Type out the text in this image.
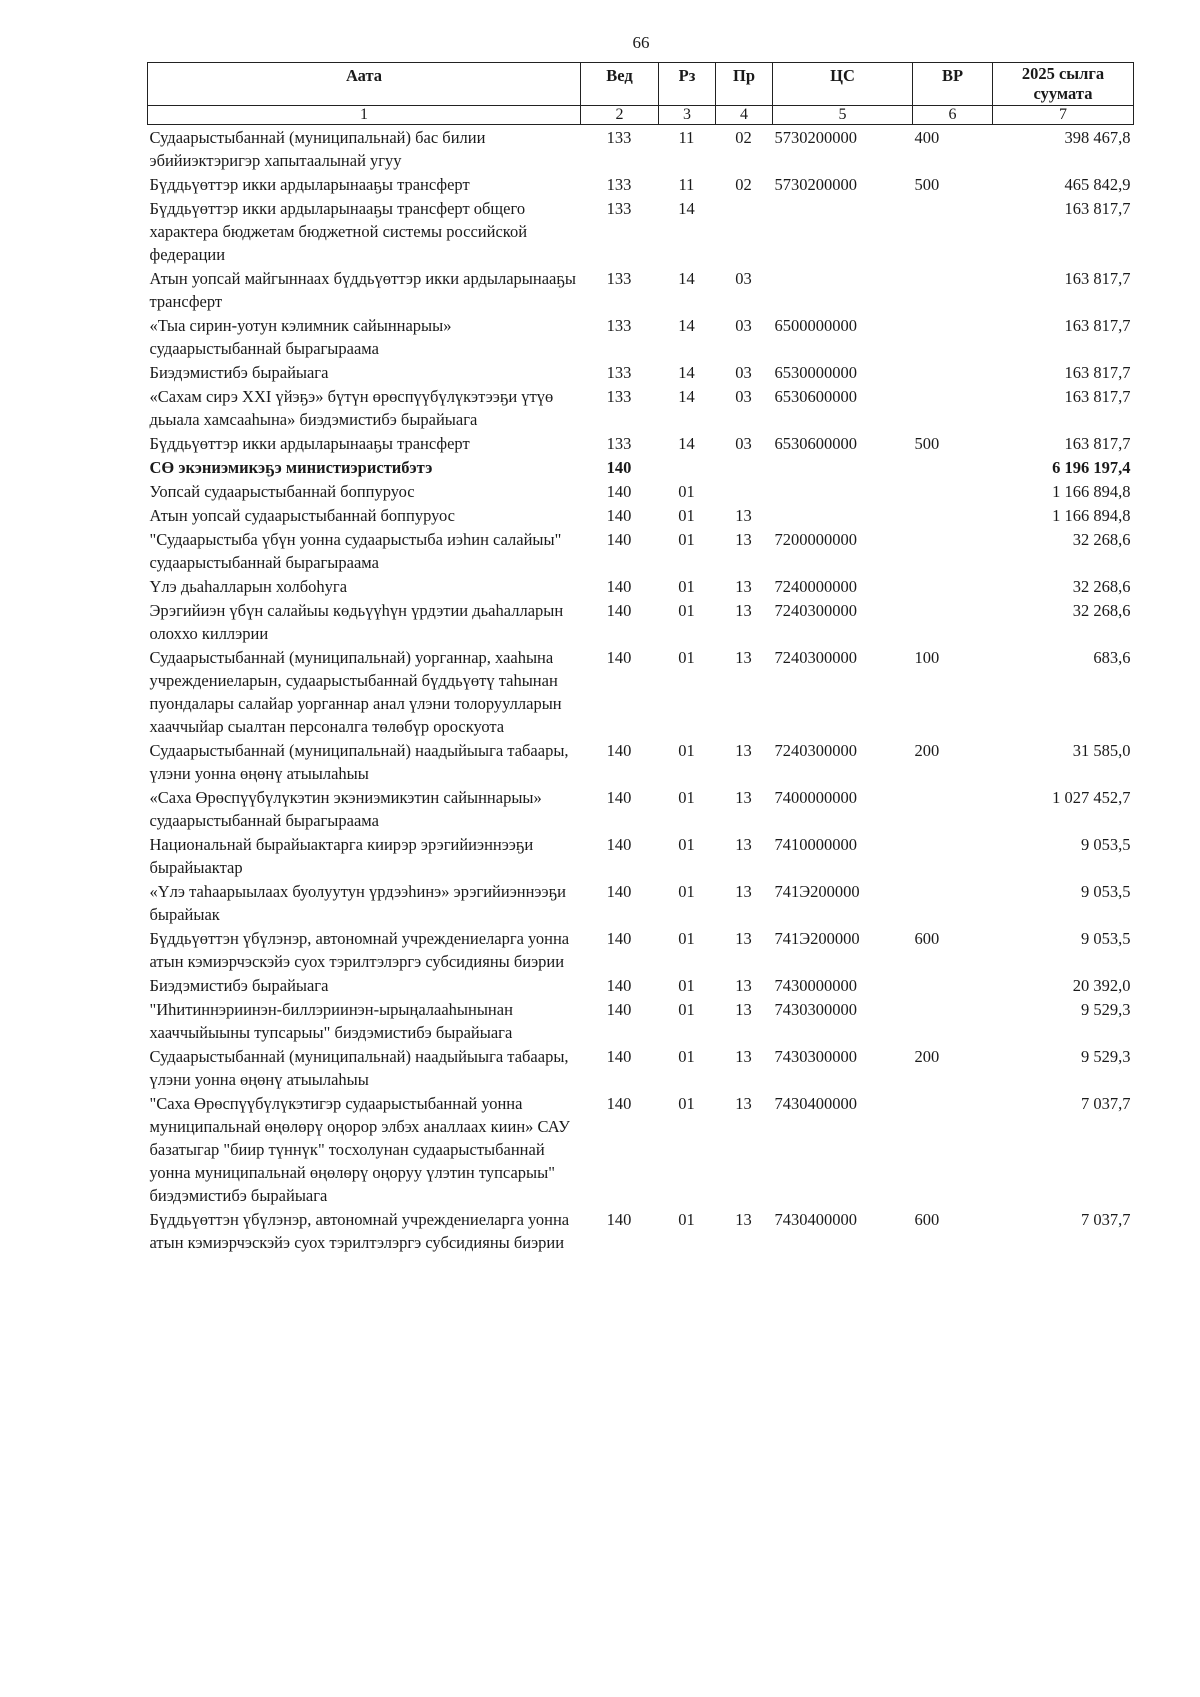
66
Аата	Вед	Рз	Пр	ЦС	ВР	2025 сылга суумата
1	2	3	4	5	6	7
Судаарыстыбаннай (муниципальнай) бас билии эбийиэктэригэр хапытаалынай угуу	133	11	02	5730200000	400	398 467,8
Бүддьүөттэр икки ардыларынааҕы трансферт	133	11	02	5730200000	500	465 842,9
Бүддьүөттэр икки ардыларынааҕы трансферт общего характера бюджетам бюджетной системы российской федерации	133	14				163 817,7
Атын уопсай майгыннаах бүддьүөттэр икки ардыларынааҕы трансферт	133	14	03			163 817,7
«Тыа сирин-уотун кэлимник сайыннарыы» судаарыстыбаннай бырагыраама	133	14	03	6500000000		163 817,7
Биэдэмистибэ бырайыага	133	14	03	6530000000		163 817,7
«Сахам сирэ XXI үйэҕэ» бүтүн өрөспүүбүлүкэтээҕи үтүө дьыала хамсааһына» биэдэмистибэ бырайыага	133	14	03	6530600000		163 817,7
Бүддьүөттэр икки ардыларынааҕы трансферт	133	14	03	6530600000	500	163 817,7
СӨ экэниэмикэҕэ министиэристибэтэ	140					6 196 197,4
Уопсай судаарыстыбаннай боппуруос	140	01				1 166 894,8
Атын уопсай судаарыстыбаннай боппуруос	140	01	13			1 166 894,8
"Судаарыстыба үбүн уонна судаарыстыба иэһин салайыы" судаарыстыбаннай бырагыраама	140	01	13	7200000000		32 268,6
Үлэ дьаһалларын холбоһуга	140	01	13	7240000000		32 268,6
Эрэгийиэн үбүн салайыы көдьүүһүн үрдэтии дьаһалларын олоххо киллэрии	140	01	13	7240300000		32 268,6
Судаарыстыбаннай (муниципальнай) уорганнар, хааһына учреждениеларын, судаарыстыбаннай бүддьүөтү таһынан пуондалары салайар уорганнар анал үлэни толоруулларын хааччыйар сыалтан персоналга төлөбүр ороскуота	140	01	13	7240300000	100	683,6
Судаарыстыбаннай (муниципальнай) наадыйыыга табаары, үлэни уонна өңөнү атыылаһыы	140	01	13	7240300000	200	31 585,0
«Саха Өрөспүүбүлүкэтин экэниэмикэтин сайыннарыы» судаарыстыбаннай бырагыраама	140	01	13	7400000000		1 027 452,7
Национальнай бырайыактарга киирэр эрэгийиэннээҕи бырайыактар	140	01	13	7410000000		9 053,5
«Үлэ таһаарыылаах буолуутун үрдээһинэ» эрэгийиэннээҕи бырайыак	140	01	13	741Э200000		9 053,5
Бүддьүөттэн үбүлэнэр, автономнай учреждениеларга уонна атын кэмиэрчэскэйэ суох тэрилтэлэргэ субсидияны биэрии	140	01	13	741Э200000	600	9 053,5
Биэдэмистибэ бырайыага	140	01	13	7430000000		20 392,0
"Иһитиннэриинэн-биллэриинэн-ырыңалааһынынан хааччыйыыны тупсарыы" биэдэмистибэ бырайыага	140	01	13	7430300000		9 529,3
Судаарыстыбаннай (муниципальнай) наадыйыыга табаары, үлэни уонна өңөнү атыылаһыы	140	01	13	7430300000	200	9 529,3
"Саха Өрөспүүбүлүкэтигэр судаарыстыбаннай уонна муниципальнай өңөлөрү оңорор элбэх аналлаах киин» САУ базатыгар "биир түннүк" тосхолунан судаарыстыбаннай уонна муниципальнай өңөлөрү оңоруу үлэтин тупсарыы" биэдэмистибэ бырайыага	140	01	13	7430400000		7 037,7
Бүддьүөттэн үбүлэнэр, автономнай учреждениеларга уонна атын кэмиэрчэскэйэ суох тэрилтэлэргэ субсидияны биэрии	140	01	13	7430400000	600	7 037,7
